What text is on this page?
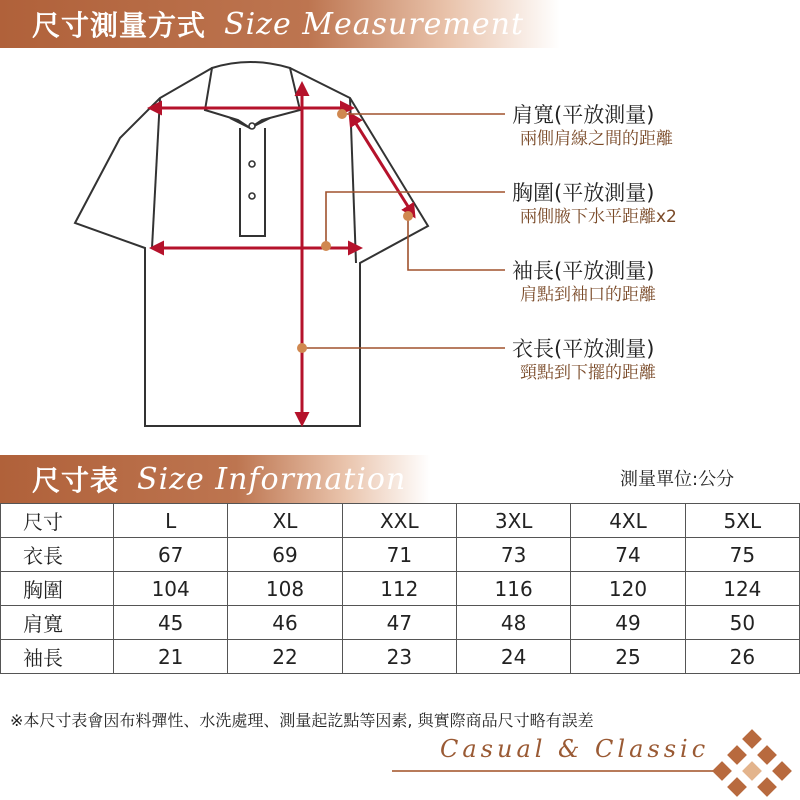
尺寸測量方式 Size Measurement
肩寬(平放測量)
兩側肩線之間的距離
胸圍(平放測量)
兩側腋下水平距離x2
袖長(平放測量)
肩點到袖口的距離
衣長(平放測量)
頸點到下擺的距離
尺寸表 Size Information	測量單位:公分
尺寸	L	XL	XXL	3XL	4XL	5XL
衣長	67	69	71	73	74	75
胸圍	104	108	112	116	120	124
肩寬	45	46	47	48	49	50
袖長	21	22	23	24	25	26
※本尺寸表會因布料彈性、水洗處理、測量起訖點等因素, 與實際商品尺寸略有誤差
Casual & Classic
